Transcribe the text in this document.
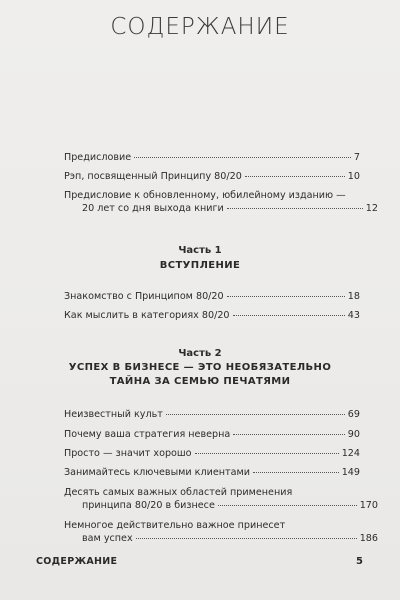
СОДЕРЖАНИЕ
Предисловие	7
Рэп, посвященный Принципу 80/20	10
Предисловие к обновленному, юбилейному изданию —
20 лет со дня выхода книги	12
Часть 1
ВСТУПЛЕНИЕ
Знакомство с Принципом 80/20	18
Как мыслить в категориях 80/20	43
Часть 2
УСПЕХ В БИЗНЕСЕ — ЭТО НЕОБЯЗАТЕЛЬНО
ТАЙНА ЗА СЕМЬЮ ПЕЧАТЯМИ
Неизвестный культ	69
Почему ваша стратегия неверна	90
Просто — значит хорошо	124
Занимайтесь ключевыми клиентами	149
Десять самых важных областей применения
принципа 80/20 в бизнесе	170
Немногое действительно важное принесет
вам успех	186
СОДЕРЖАНИЕ	5
